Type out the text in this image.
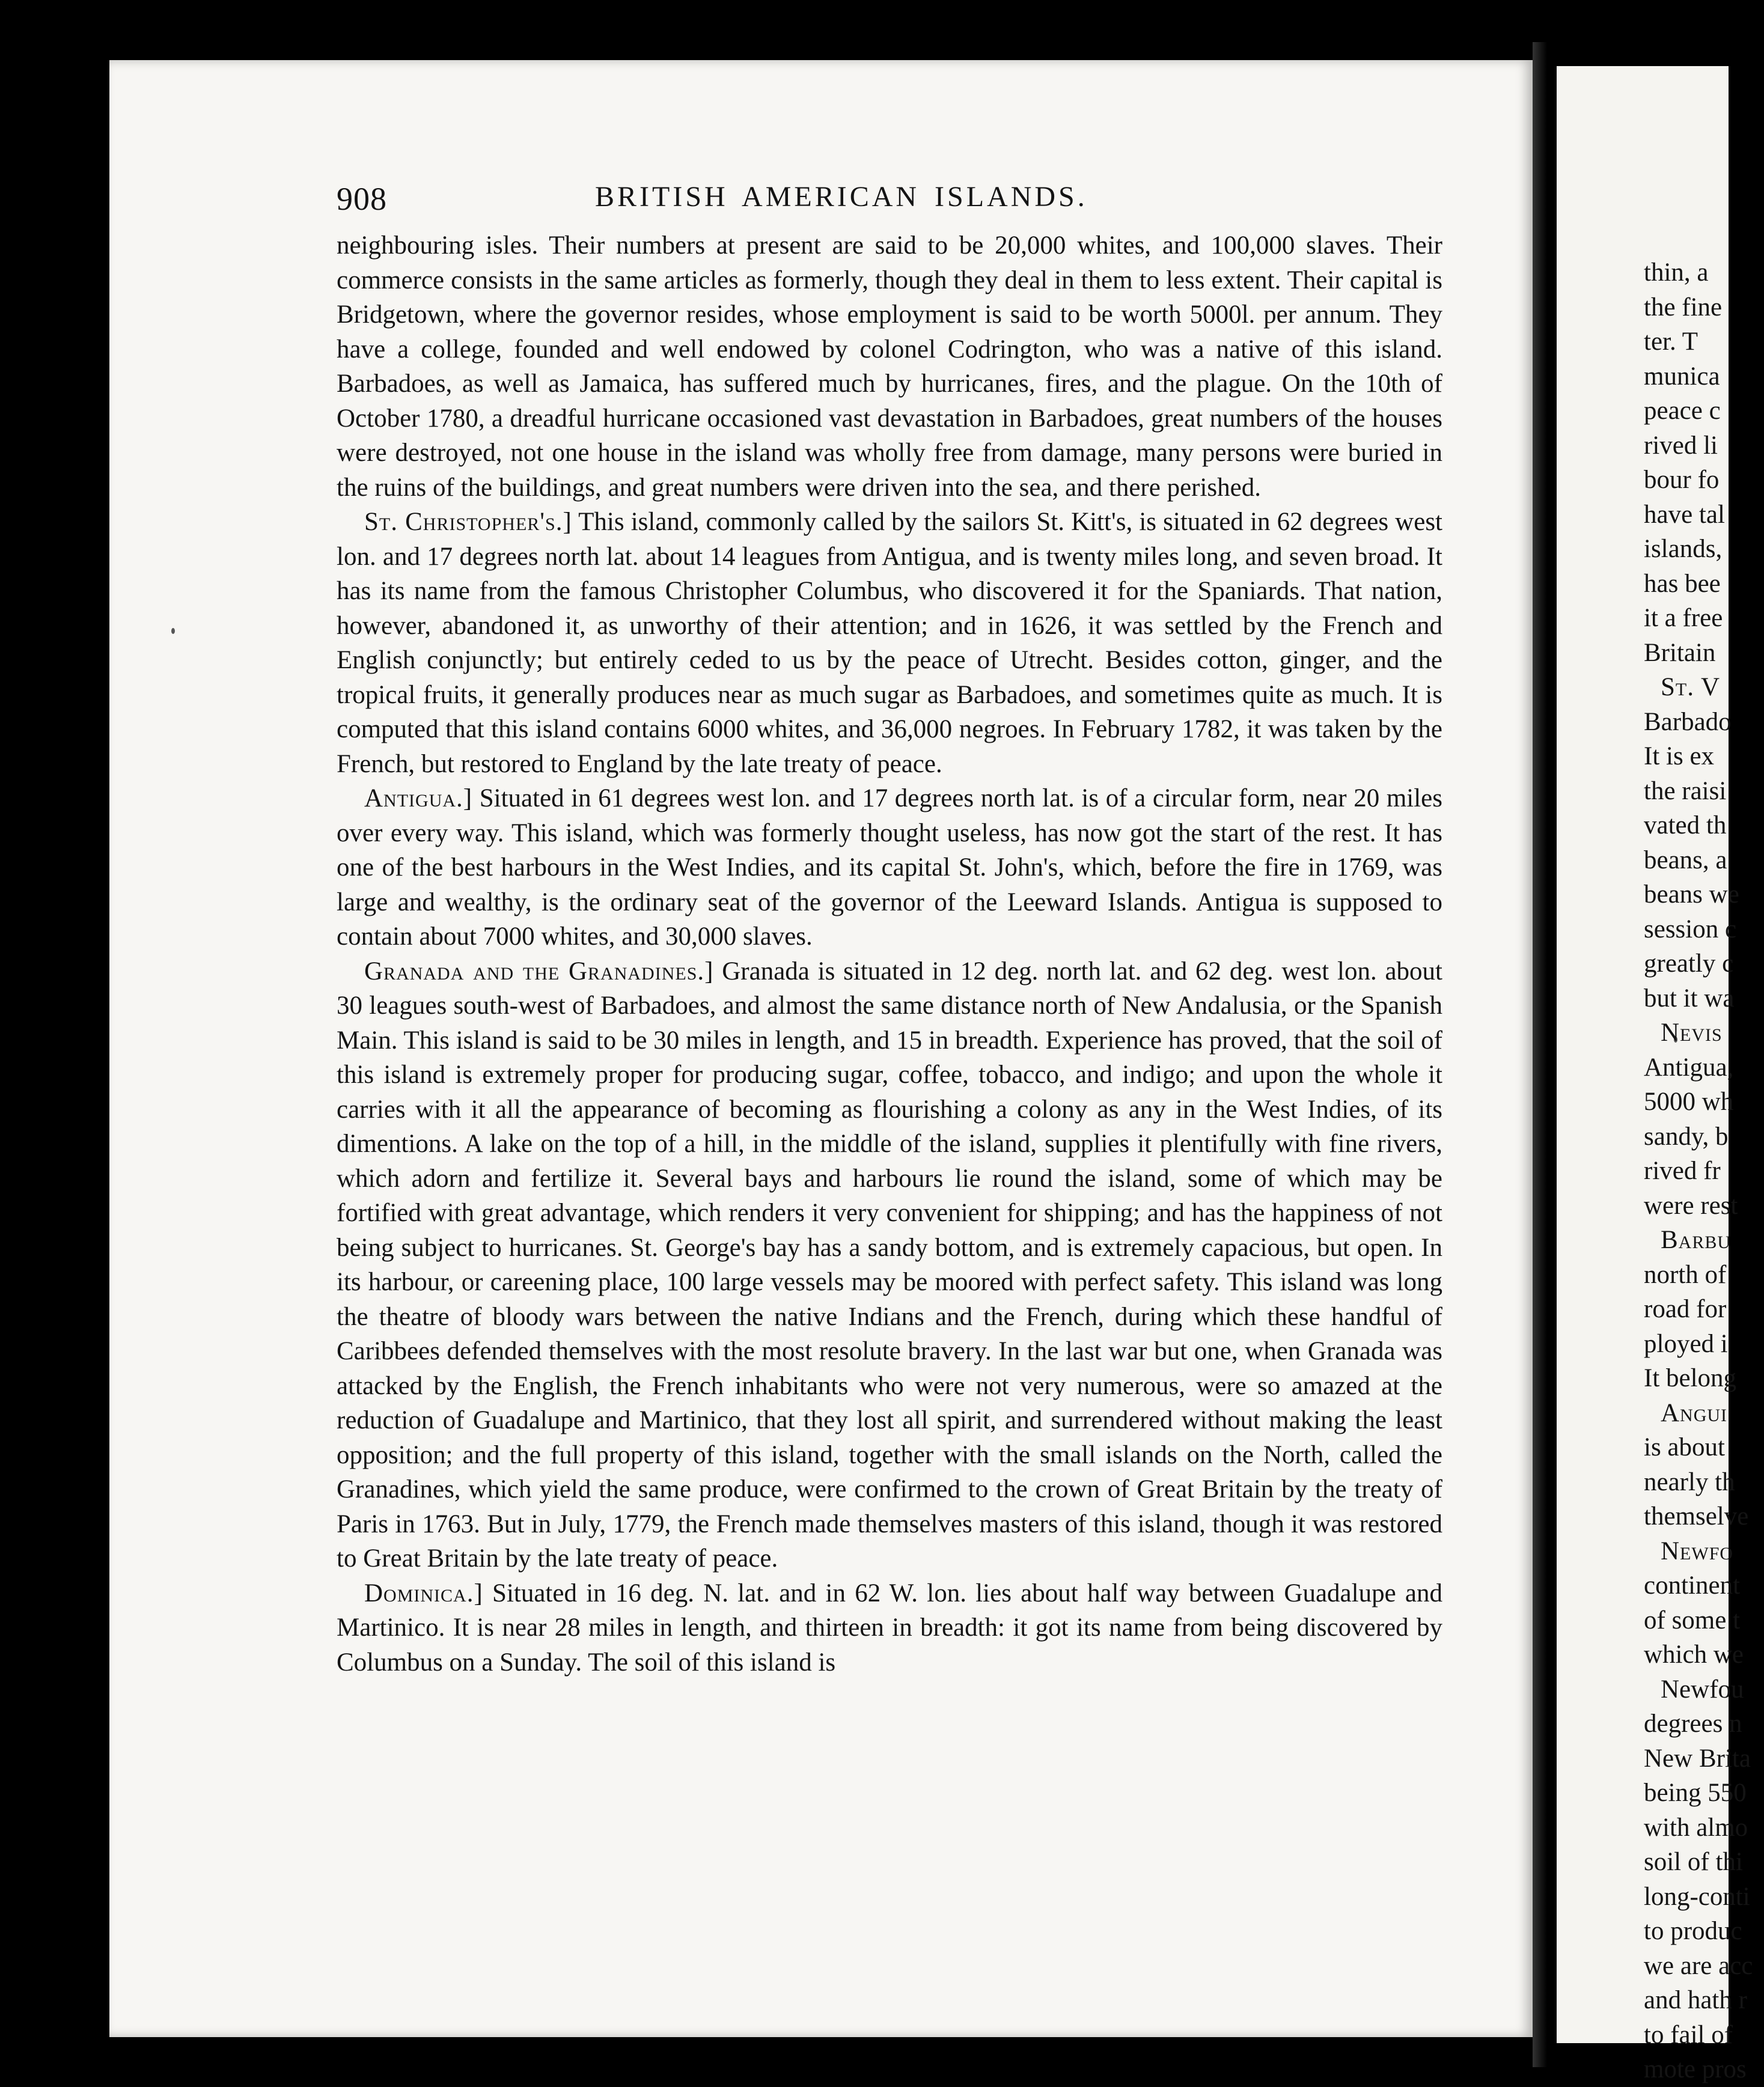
908	BRITISH AMERICAN ISLANDS.

neighbouring isles. Their numbers at present are said to be 20,000 whites, and 100,000 slaves. Their commerce consists in the same articles as formerly, though they deal in them to less extent. Their capital is Bridgetown, where the governor resides, whose employment is said to be worth 5000l. per annum. They have a college, founded and well endowed by colonel Codrington, who was a native of this island. Barbadoes, as well as Jamaica, has suffered much by hurricanes, fires, and the plague. On the 10th of October 1780, a dreadful hurricane occasioned vast devastation in Barbadoes, great numbers of the houses were destroyed, not one house in the island was wholly free from damage, many persons were buried in the ruins of the buildings, and great numbers were driven into the sea, and there perished.

St. Christopher's.] This island, commonly called by the sailors St. Kitt's, is situated in 62 degrees west lon. and 17 degrees north lat. about 14 leagues from Antigua, and is twenty miles long, and seven broad. It has its name from the famous Christopher Columbus, who discovered it for the Spaniards. That nation, however, abandoned it, as unworthy of their attention; and in 1626, it was settled by the French and English conjunctly; but entirely ceded to us by the peace of Utrecht. Besides cotton, ginger, and the tropical fruits, it generally produces near as much sugar as Barbadoes, and sometimes quite as much. It is computed that this island contains 6000 whites, and 36,000 negroes. In February 1782, it was taken by the French, but restored to England by the late treaty of peace.

Antigua.] Situated in 61 degrees west lon. and 17 degrees north lat. is of a circular form, near 20 miles over every way. This island, which was formerly thought useless, has now got the start of the rest. It has one of the best harbours in the West Indies, and its capital St. John's, which, before the fire in 1769, was large and wealthy, is the ordinary seat of the governor of the Leeward Islands. Antigua is supposed to contain about 7000 whites, and 30,000 slaves.

Granada and the Granadines.] Granada is situated in 12 deg. north lat. and 62 deg. west lon. about 30 leagues south-west of Barbadoes, and almost the same distance north of New Andalusia, or the Spanish Main. This island is said to be 30 miles in length, and 15 in breadth. Experience has proved, that the soil of this island is extremely proper for producing sugar, coffee, tobacco, and indigo; and upon the whole it carries with it all the appearance of becoming as flourishing a colony as any in the West Indies, of its dimentions. A lake on the top of a hill, in the middle of the island, supplies it plentifully with fine rivers, which adorn and fertilize it. Several bays and harbours lie round the island, some of which may be fortified with great advantage, which renders it very convenient for shipping; and has the happiness of not being subject to hurricanes. St. George's bay has a sandy bottom, and is extremely capacious, but open. In its harbour, or careening place, 100 large vessels may be moored with perfect safety. This island was long the theatre of bloody wars between the native Indians and the French, during which these handful of Caribbees defended themselves with the most resolute bravery. In the last war but one, when Granada was attacked by the English, the French inhabitants who were not very numerous, were so amazed at the reduction of Guadalupe and Martinico, that they lost all spirit, and surrendered without making the least opposition; and the full property of this island, together with the small islands on the North, called the Granadines, which yield the same produce, were confirmed to the crown of Great Britain by the treaty of Paris in 1763. But in July, 1779, the French made themselves masters of this island, though it was restored to Great Britain by the late treaty of peace.

Dominica.] Situated in 16 deg. N. lat. and in 62 W. lon. lies about half way between Guadalupe and Martinico. It is near 28 miles in length, and thirteen in breadth: it got its name from being discovered by Columbus on a Sunday. The soil of this island is

thin, a
the fine
ter. T
munica
peace c
rived li
bour fo
have tal
islands,
has bee
it a free
Britain
St. V
Barbado
It is ex
the raisi
vated th
beans, a
beans we
session c
greatly c
but it wa
Nevis
Antigua,
5000 wh
sandy, b
rived fr
were rest
Barbu
north of
road for
ployed i
It belong
Angui
is about
nearly th
themselve
Newfo
continent
of some t
which we
Newfou
degrees n
New Brita
being 550
with almo
soil of thi
long-conti
to produc
we are acc
and hath r
to fail of
mote pros
